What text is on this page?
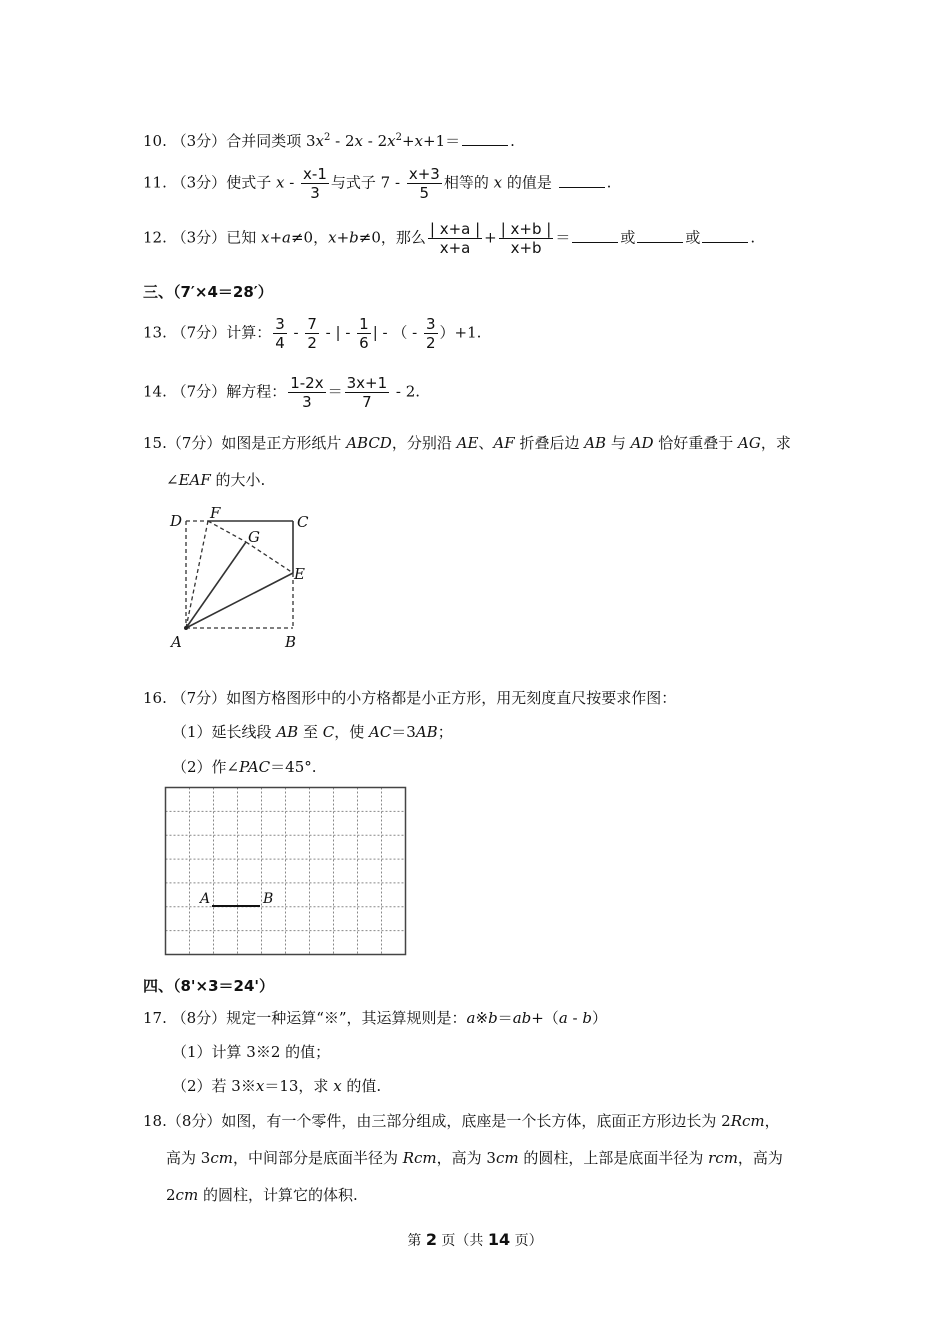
10. （3分）合并同类项 $3x^2 - 2x - 2x^2+x+1=$	.
11. （3分）使式子 x - $\frac{x-1}{3}$ 与式子 $7 - \frac{x+3}{5}$ 相等的 x 的值是	.
12. （3分）已知 x+a≠0，x+b≠0，那么 $\frac{| x+a |}{x+a} + \frac{| x+b |}{x+b}$ ＝	或	或	.
三、（7′×4＝28′）
13. （7分）计算： $\frac{3}{4} - \frac{7}{2}$ - | - $\frac{1}{6}$ | - （ - $\frac{3}{2} )+1$.
14. （7分）解方程： $\frac{1-2x}{3} = \frac{3x+1}{7} - 2$.
15.（7分）如图是正方形纸片 ABCD，分别沿 AE、AF 折叠后边 AB 与 AD 恰好重叠于 AG，求
∠EAF 的大小.
D F	C
G
E
A	B
16. （7分）如图方格图形中的小方格都是小正方形，用无刻度直尺按要求作图：
（1）延长线段 AB 至 C，使 AC＝3AB；
（2）作∠PAC＝45°.
A	B
四、（8'×3＝24'）
17. （8分）规定一种运算“※”，其运算规则是：a※b＝ab+（a - b）
（1）计算 3※2 的值；
（2）若 3※x＝13，求 x 的值.
18.（8分）如图，有一个零件，由三部分组成，底座是一个长方体，底面正方形边长为 2Rcm，
高为 3cm，中间部分是底面半径为 Rcm，高为 3cm 的圆柱，上部是底面半径为 rcm，高为
2cm 的圆柱，计算它的体积.
第 2 页（共 14 页）
